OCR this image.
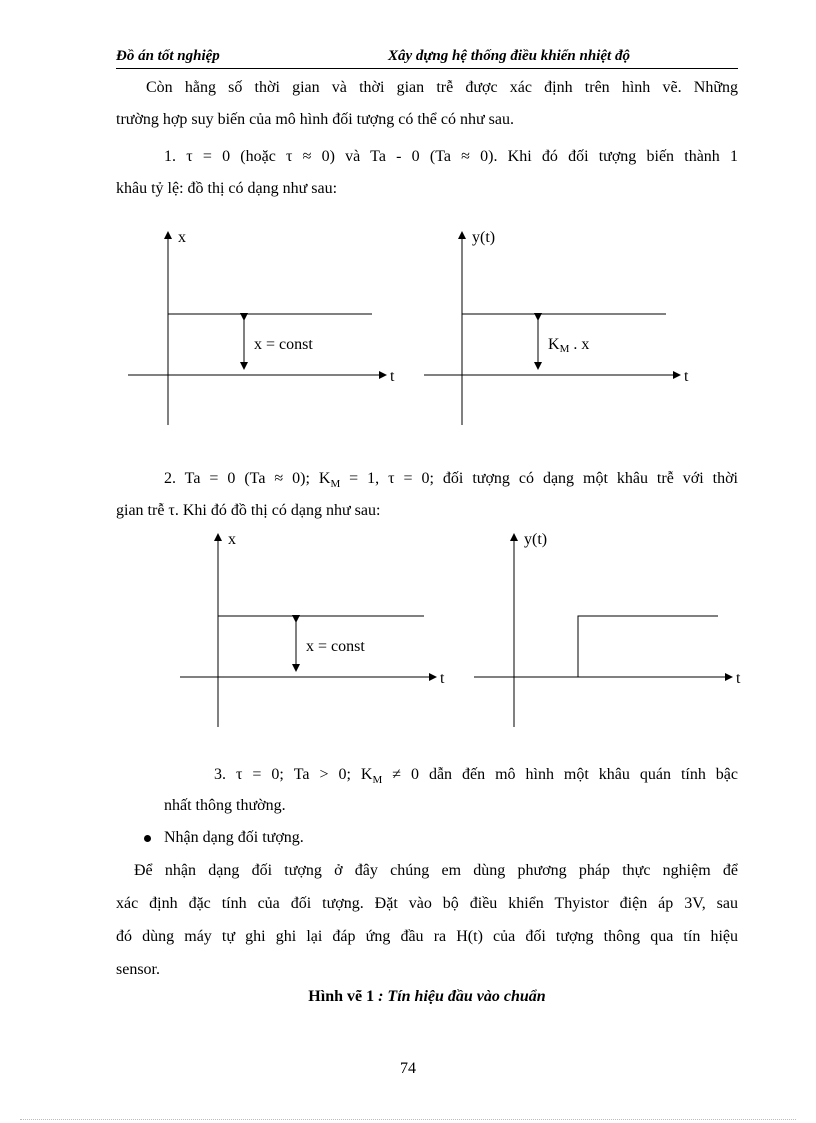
Đồ án tốt nghiệp	Xây dựng hệ thống điều khiển nhiệt độ
Còn hằng số thời gian và thời gian trễ được xác định trên hình vẽ. Những
trường hợp suy biến của mô hình đối tượng có thể có như sau.
1. τ = 0 (hoặc τ ≈ 0) và Ta - 0 (Ta ≈ 0). Khi đó đối tượng biến thành 1
khâu tỷ lệ: đồ thị có dạng như sau:
x
t
x = const
y(t)
t
KM . x
2. Ta = 0 (Ta ≈ 0); $K_M = 1$, τ = 0; đối tượng có dạng một khâu trễ với thời
gian trễ τ. Khi đó đồ thị có dạng như sau:
x
t
x = const
y(t)
t
3. τ = 0; Ta > 0; $K_M \ne 0$ dẫn đến mô hình một khâu quán tính bậc
nhất thông thường.
Nhận dạng đối tượng.
Để nhận dạng đối tượng ở đây chúng em dùng phương pháp thực nghiệm để
xác định đặc tính của đối tượng. Đặt vào bộ điều khiển Thyistor điện áp 3V, sau
đó dùng máy tự ghi ghi lại đáp ứng đầu ra H(t) của đối tượng thông qua tín hiệu
sensor.
Hình vẽ 1 : Tín hiệu đầu vào chuẩn
74
